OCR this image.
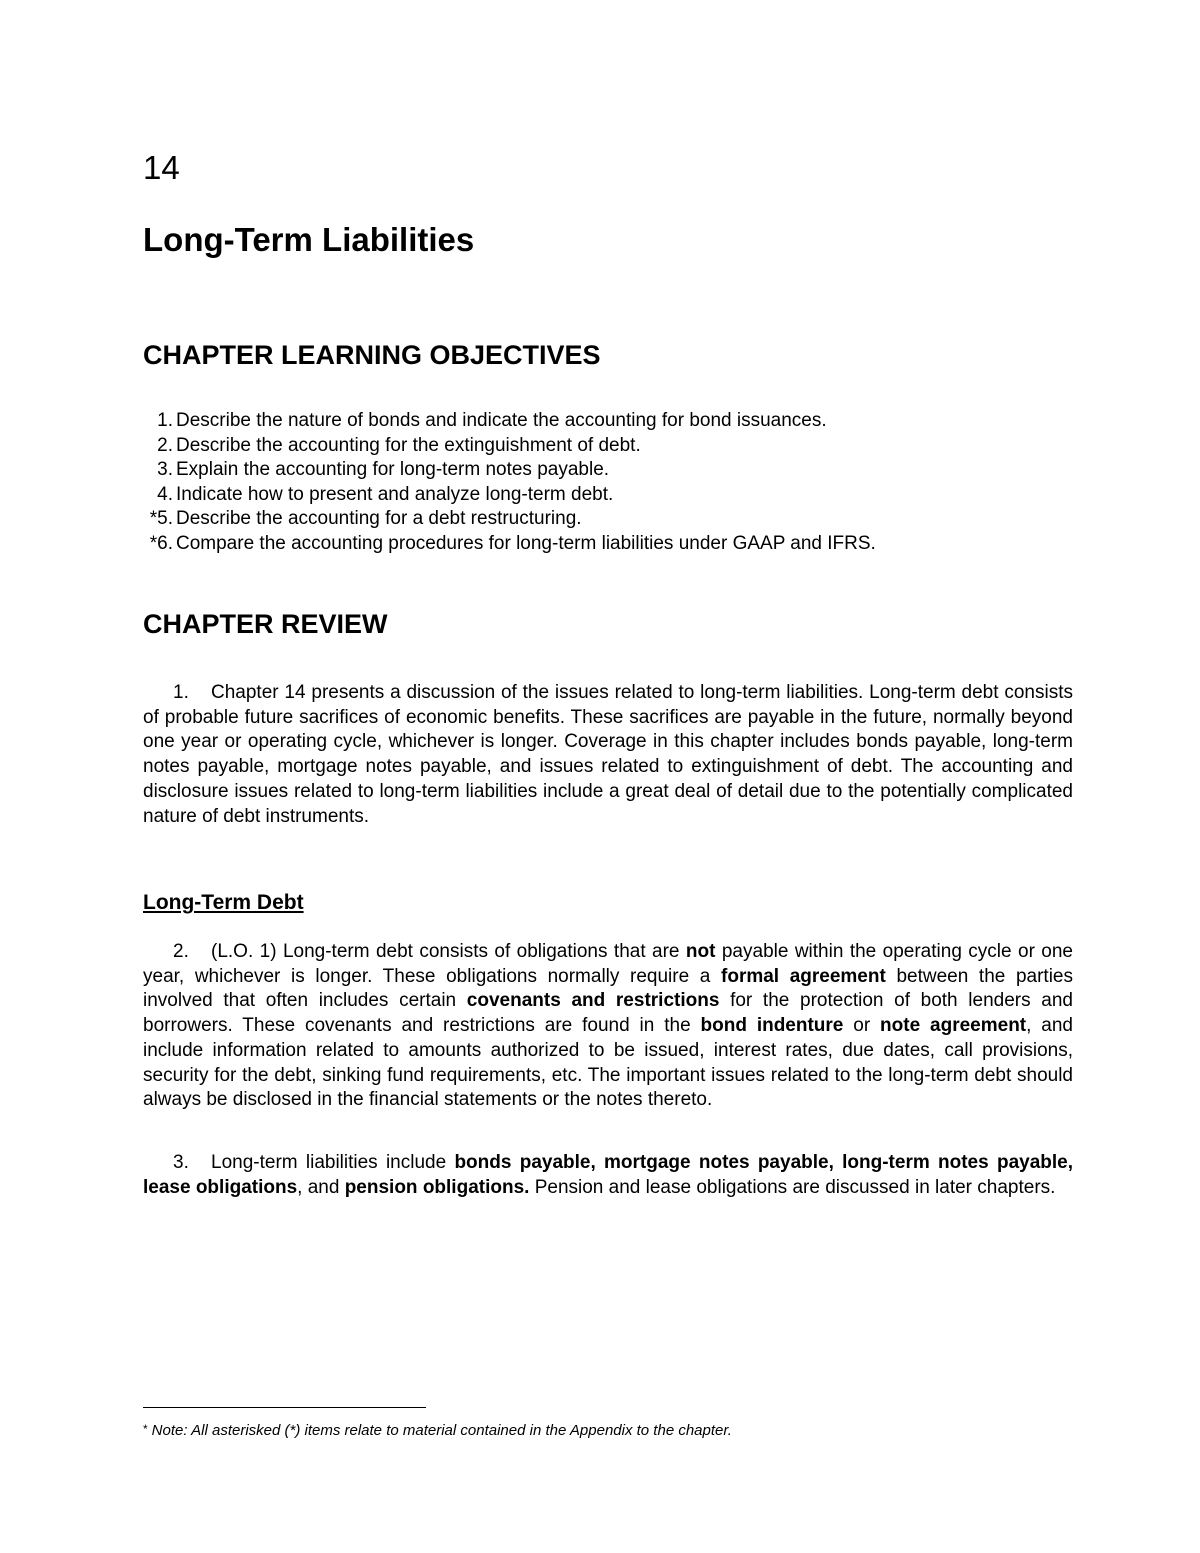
14
Long-Term Liabilities
CHAPTER LEARNING OBJECTIVES
1. Describe the nature of bonds and indicate the accounting for bond issuances.
2. Describe the accounting for the extinguishment of debt.
3. Explain the accounting for long-term notes payable.
4. Indicate how to present and analyze long-term debt.
*5. Describe the accounting for a debt restructuring.
*6. Compare the accounting procedures for long-term liabilities under GAAP and IFRS.
CHAPTER REVIEW

1. Chapter 14 presents a discussion of the issues related to long-term liabilities. Long-term debt consists of probable future sacrifices of economic benefits. These sacrifices are payable in the future, normally beyond one year or operating cycle, whichever is longer. Coverage in this chapter includes bonds payable, long-term notes payable, mortgage notes payable, and issues related to extinguishment of debt. The accounting and disclosure issues related to long-term liabilities include a great deal of detail due to the potentially complicated nature of debt instruments.

Long-Term Debt

2. (L.O. 1) Long-term debt consists of obligations that are not payable within the operating cycle or one year, whichever is longer. These obligations normally require a formal agreement between the parties involved that often includes certain covenants and restrictions for the protection of both lenders and borrowers. These covenants and restrictions are found in the bond indenture or note agreement, and include information related to amounts authorized to be issued, interest rates, due dates, call provisions, security for the debt, sinking fund requirements, etc. The important issues related to the long-term debt should always be disclosed in the financial statements or the notes thereto.

3. Long-term liabilities include bonds payable, mortgage notes payable, long-term notes payable, lease obligations, and pension obligations. Pension and lease obligations are discussed in later chapters.

* Note: All asterisked (*) items relate to material contained in the Appendix to the chapter.
